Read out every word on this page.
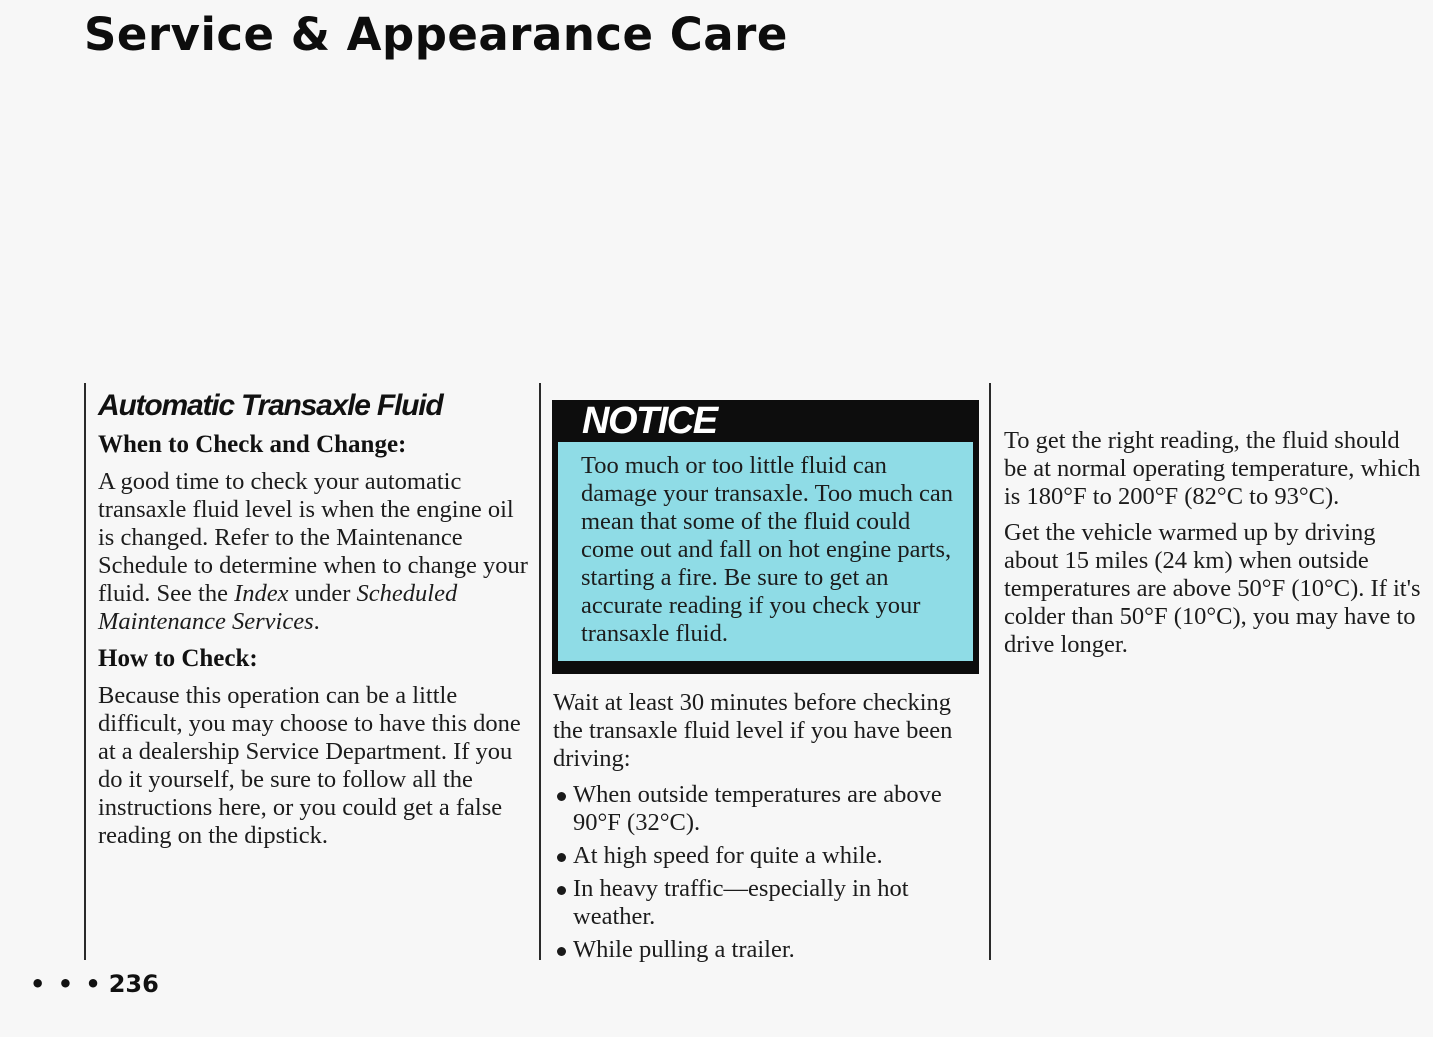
Service & Appearance Care
Automatic Transaxle Fluid
When to Check and Change:

A good time to check your automatic transaxle fluid level is when the engine oil is changed. Refer to the Maintenance Schedule to determine when to change your fluid. See the Index under Scheduled Maintenance Services.

How to Check:

Because this operation can be a little difficult, you may choose to have this done at a dealership Service Department. If you do it yourself, be sure to follow all the instructions here, or you could get a false reading on the dipstick.

NOTICE
Too much or too little fluid can damage your transaxle. Too much can mean that some of the fluid could come out and fall on hot engine parts, starting a fire. Be sure to get an accurate reading if you check your transaxle fluid.

Wait at least 30 minutes before checking the transaxle fluid level if you have been driving:

When outside temperatures are above 90°F (32°C).
At high speed for quite a while.
In heavy traffic—especially in hot weather.
While pulling a trailer.

To get the right reading, the fluid should be at normal operating temperature, which is 180°F to 200°F (82°C to 93°C).

Get the vehicle warmed up by driving about 15 miles (24 km) when outside temperatures are above 50°F (10°C). If it's colder than 50°F (10°C), you may have to drive longer.

• • • 236
